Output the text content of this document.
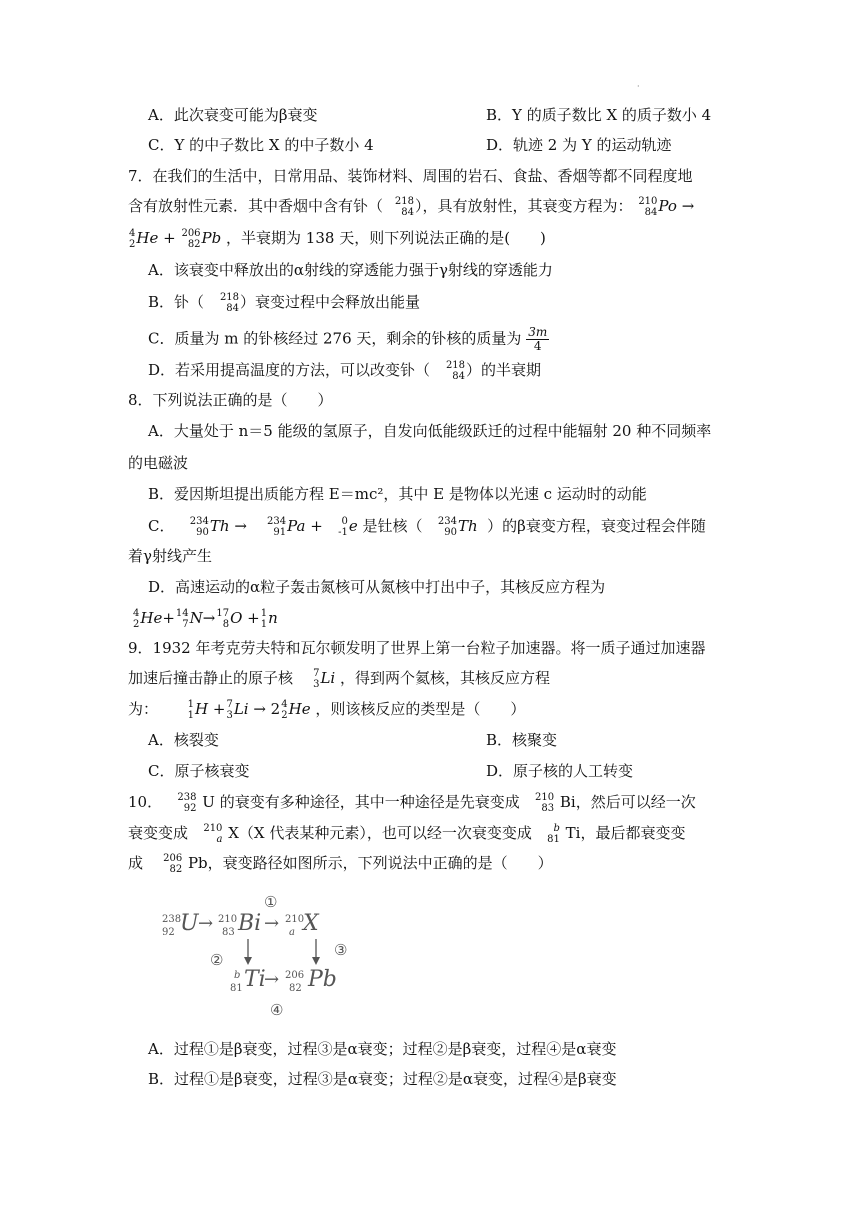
·
A．此次衰变可能为β衰变	B．Y 的质子数比 X 的质子数小 4
C．Y 的中子数比 X 的中子数小 4	D．轨迹 2 为 Y 的运动轨迹
7．在我们的生活中，日常用品、装饰材料、周围的岩石、食盐、香烟等都不同程度地
含有放射性元素．其中香烟中含有钋（	218
84 ），具有放射性，其衰变方程为： 210
84 Po →
4
2 He + 206
82 Pb ，半衰期为 138 天，则下列说法正确的是(　　)
A．该衰变中释放出的α射线的穿透能力强于γ射线的穿透能力
B．钋（	218
84 ）衰变过程中会释放出能量
C．质量为 m 的钋核经过 276 天，剩余的钋核的质量为 $\frac{3m}{4}$
D．若采用提高温度的方法，可以改变钋（	218
84 ）的半衰期
8．下列说法正确的是（　　）
A．大量处于 n＝5 能级的氢原子，自发向低能级跃迁的过程中能辐射 20 种不同频率
的电磁波
B．爱因斯坦提出质能方程 E＝mc²，其中 E 是物体以光速 c 运动时的动能
C． 234
90 Th → 234
91 Pa + 0
-1 e 是钍核（ 234
90 Th ）的β衰变方程，衰变过程会伴随
着γ射线产生
D．高速运动的α粒子轰击氮核可从氮核中打出中子，其核反应方程为
4
2 He+ 14
7 N→ 17
8 O + 1
1 n
9．1932 年考克劳夫特和瓦尔顿发明了世界上第一台粒子加速器。将一质子通过加速器
加速后撞击静止的原子核 7
3 Li ，得到两个氦核，其核反应方程
为：	1
1 H + 7
3 Li → 2 4
2 He ，则该核反应的类型是（　　）
A．核裂变	B．核聚变
C．原子核衰变	D．原子核的人工转变
10． 238
92 U 的衰变有多种途径，其中一种途径是先衰变成 210
83 Bi，然后可以经一次
衰变变成 210
a X（X 代表某种元素），也可以经一次衰变变成	b
81 Ti，最后都衰变变
成 206
82 Pb，衰变路径如图所示，下列说法中正确的是（　　）
238
92 U → 210
83 Bi → 210
a X
①
②
③
b
81 Ti
→ 206
82 Pb
④
A．过程①是β衰变，过程③是α衰变；过程②是β衰变，过程④是α衰变
B．过程①是β衰变，过程③是α衰变；过程②是α衰变，过程④是β衰变
